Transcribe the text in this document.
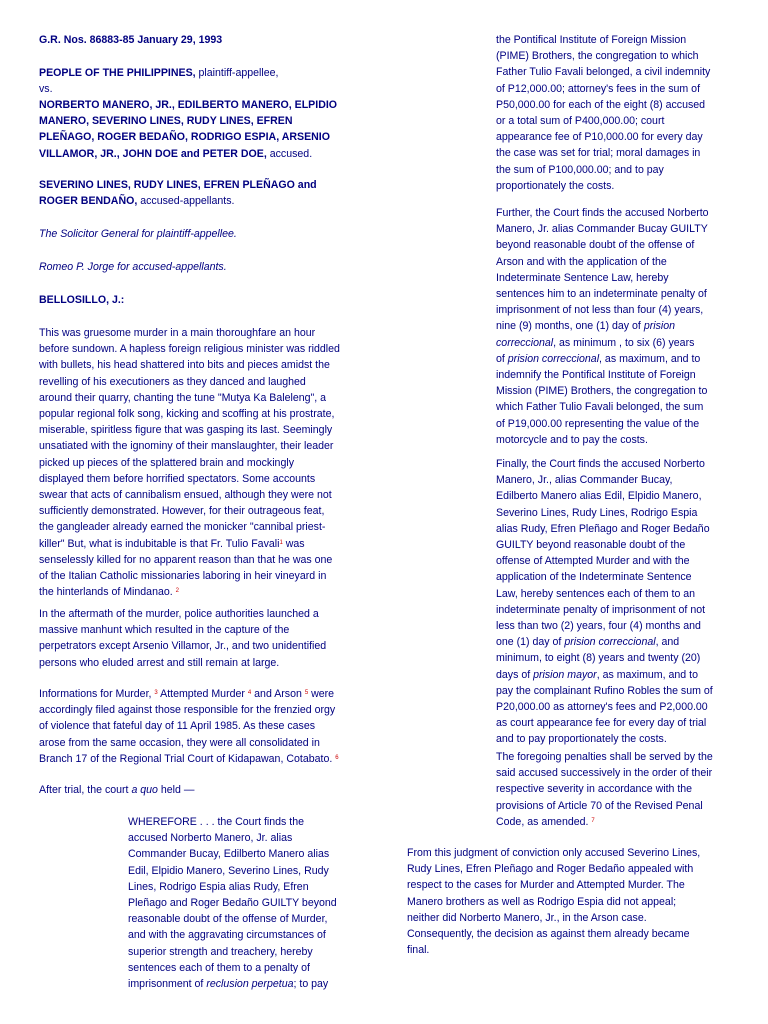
G.R. Nos. 86883-85 January 29, 1993

PEOPLE OF THE PHILIPPINES, plaintiff-appellee,

vs.

NORBERTO MANERO, JR., EDILBERTO MANERO, ELPIDIO
MANERO, SEVERINO LINES, RUDY LINES, EFREN
PLEÑAGO, ROGER BEDAÑO, RODRIGO ESPIA, ARSENIO
VILLAMOR, JR., JOHN DOE and PETER DOE, accused.

SEVERINO LINES, RUDY LINES, EFREN PLEÑAGO and
ROGER BENDAÑO, accused-appellants.

The Solicitor General for plaintiff-appellee.

Romeo P. Jorge for accused-appellants.

BELLOSILLO, J.:

This was gruesome murder in a main thoroughfare an hour
before sundown. A hapless foreign religious minister was riddled
with bullets, his head shattered into bits and pieces amidst the
revelling of his executioners as they danced and laughed
around their quarry, chanting the tune "Mutya Ka Baleleng", a
popular regional folk song, kicking and scoffing at his prostrate,
miserable, spiritless figure that was gasping its last. Seemingly
unsatiated with the ignominy of their manslaughter, their leader
picked up pieces of the splattered brain and mockingly
displayed them before horrified spectators. Some accounts
swear that acts of cannibalism ensued, although they were not
sufficiently demonstrated. However, for their outrageous feat,
the gangleader already earned the monicker "cannibal priest-
killer" But, what is indubitable is that Fr. Tulio Favali$^1$ was
senselessly killed for no apparent reason than that he was one
of the Italian Catholic missionaries laboring in heir vineyard in
the hinterlands of Mindanao. $^2$

In the aftermath of the murder, police authorities launched a
massive manhunt which resulted in the capture of the
perpetrators except Arsenio Villamor, Jr., and two unidentified
persons who eluded arrest and still remain at large.

Informations for Murder, $^3$ Attempted Murder $^4$ and Arson $^5$ were
accordingly filed against those responsible for the frenzied orgy
of violence that fateful day of 11 April 1985. As these cases
arose from the same occasion, they were all consolidated in
Branch 17 of the Regional Trial Court of Kidapawan, Cotabato. $^6$

After trial, the court a quo held —

WHEREFORE . . . the Court finds the
accused Norberto Manero, Jr. alias
Commander Bucay, Edilberto Manero alias
Edil, Elpidio Manero, Severino Lines, Rudy
Lines, Rodrigo Espia alias Rudy, Efren
Pleñago and Roger Bedaño GUILTY beyond
reasonable doubt of the offense of Murder,
and with the aggravating circumstances of
superior strength and treachery, hereby
sentences each of them to a penalty of
imprisonment of reclusion perpetua; to pay

the Pontifical Institute of Foreign Mission
(PIME) Brothers, the congregation to which
Father Tulio Favali belonged, a civil indemnity
of P12,000.00; attorney's fees in the sum of
P50,000.00 for each of the eight (8) accused
or a total sum of P400,000.00; court
appearance fee of P10,000.00 for every day
the case was set for trial; moral damages in
the sum of P100,000.00; and to pay
proportionately the costs.

Further, the Court finds the accused Norberto
Manero, Jr. alias Commander Bucay GUILTY
beyond reasonable doubt of the offense of
Arson and with the application of the
Indeterminate Sentence Law, hereby
sentences him to an indeterminate penalty of
imprisonment of not less than four (4) years,
nine (9) months, one (1) day of prision
correccional, as minimum , to six (6) years
of prision correccional, as maximum, and to
indemnify the Pontifical Institute of Foreign
Mission (PIME) Brothers, the congregation to
which Father Tulio Favali belonged, the sum
of P19,000.00 representing the value of the
motorcycle and to pay the costs.

Finally, the Court finds the accused Norberto
Manero, Jr., alias Commander Bucay,
Edilberto Manero alias Edil, Elpidio Manero,
Severino Lines, Rudy Lines, Rodrigo Espia
alias Rudy, Efren Pleñago and Roger Bedaño
GUILTY beyond reasonable doubt of the
offense of Attempted Murder and with the
application of the Indeterminate Sentence
Law, hereby sentences each of them to an
indeterminate penalty of imprisonment of not
less than two (2) years, four (4) months and
one (1) day of prision correccional, and
minimum, to eight (8) years and twenty (20)
days of prision mayor, as maximum, and to
pay the complainant Rufino Robles the sum of
P20,000.00 as attorney's fees and P2,000.00
as court appearance fee for every day of trial
and to pay proportionately the costs.

The foregoing penalties shall be served by the
said accused successively in the order of their
respective severity in accordance with the
provisions of Article 70 of the Revised Penal
Code, as amended. $^7$

From this judgment of conviction only accused Severino Lines,
Rudy Lines, Efren Pleñago and Roger Bedaño appealed with
respect to the cases for Murder and Attempted Murder. The
Manero brothers as well as Rodrigo Espia did not appeal;
neither did Norberto Manero, Jr., in the Arson case.
Consequently, the decision as against them already became
final.
